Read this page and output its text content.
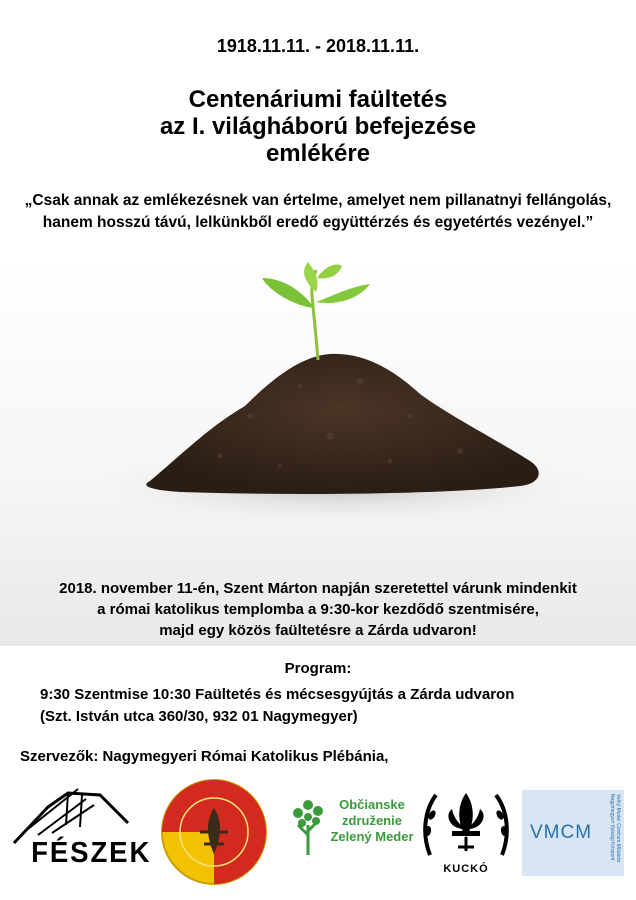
1918.11.11. - 2018.11.11.
Centenáriumi faültetés
az I. világháború befejezése
emlékére
„Csak annak az emlékezésnek van értelme, amelyet nem pillanatnyi fellángolás,
hanem hosszú távú, lelkünkből eredő együttérzés és egyetértés vezényel.”
2018. november 11-én, Szent Márton napján szeretettel várunk mindenkit
a római katolikus templomba a 9:30-kor kezdődő szentmisére,
majd egy közös faültetésre a Zárda udvaron!
Program:
9:30 Szentmise 10:30 Faültetés és mécsesgyújtás a Zárda udvaron
(Szt. István utca 360/30, 932 01 Nagymegyer)
Szervezők: Nagymegyeri Római Katolikus Plébánia,
FÉSZEK
Občianske
združenie
Zelený Meder
KUCKÓ
VMCM	Veľký Meder Centrum Mládeže Nagymegyeri Ifjúsági Központ
